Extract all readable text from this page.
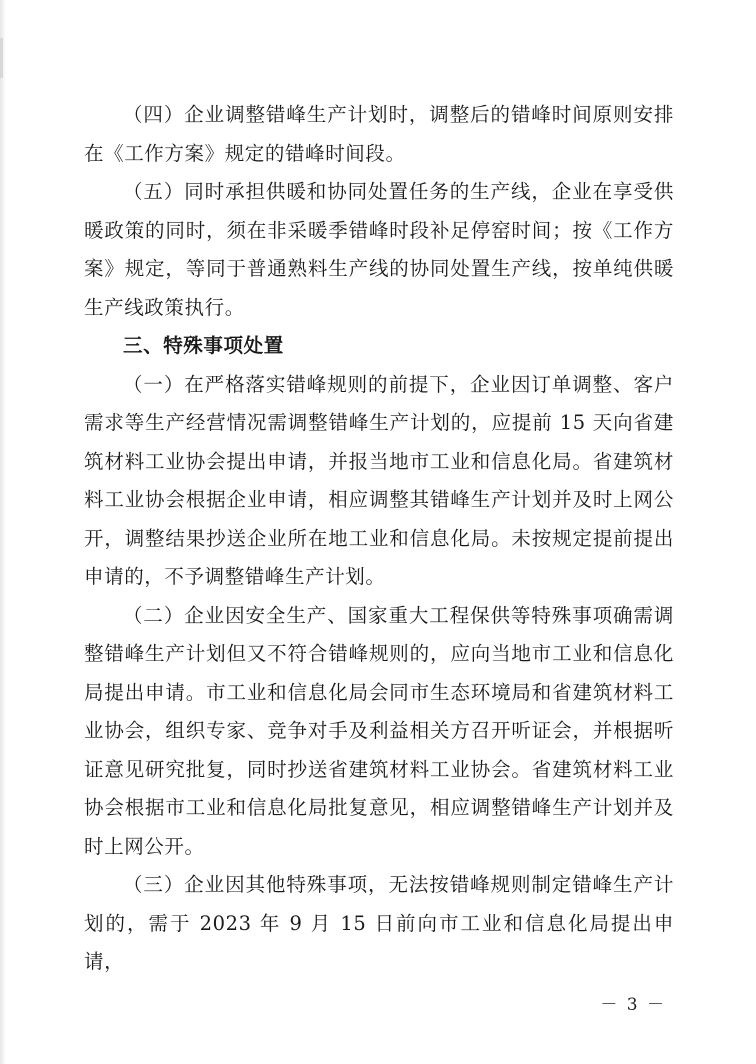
（四）企业调整错峰生产计划时，调整后的错峰时间原则安排在《工作方案》规定的错峰时间段。

（五）同时承担供暖和协同处置任务的生产线，企业在享受供暖政策的同时，须在非采暖季错峰时段补足停窑时间；按《工作方案》规定，等同于普通熟料生产线的协同处置生产线，按单纯供暖生产线政策执行。

三、特殊事项处置

（一）在严格落实错峰规则的前提下，企业因订单调整、客户需求等生产经营情况需调整错峰生产计划的，应提前 15 天向省建筑材料工业协会提出申请，并报当地市工业和信息化局。省建筑材料工业协会根据企业申请，相应调整其错峰生产计划并及时上网公开，调整结果抄送企业所在地工业和信息化局。未按规定提前提出申请的，不予调整错峰生产计划。

（二）企业因安全生产、国家重大工程保供等特殊事项确需调整错峰生产计划但又不符合错峰规则的，应向当地市工业和信息化局提出申请。市工业和信息化局会同市生态环境局和省建筑材料工业协会，组织专家、竞争对手及利益相关方召开听证会，并根据听证意见研究批复，同时抄送省建筑材料工业协会。省建筑材料工业协会根据市工业和信息化局批复意见，相应调整错峰生产计划并及时上网公开。

（三）企业因其他特殊事项，无法按错峰规则制定错峰生产计划的，需于 2023 年 9 月 15 日前向市工业和信息化局提出申请，

－ 3 －
